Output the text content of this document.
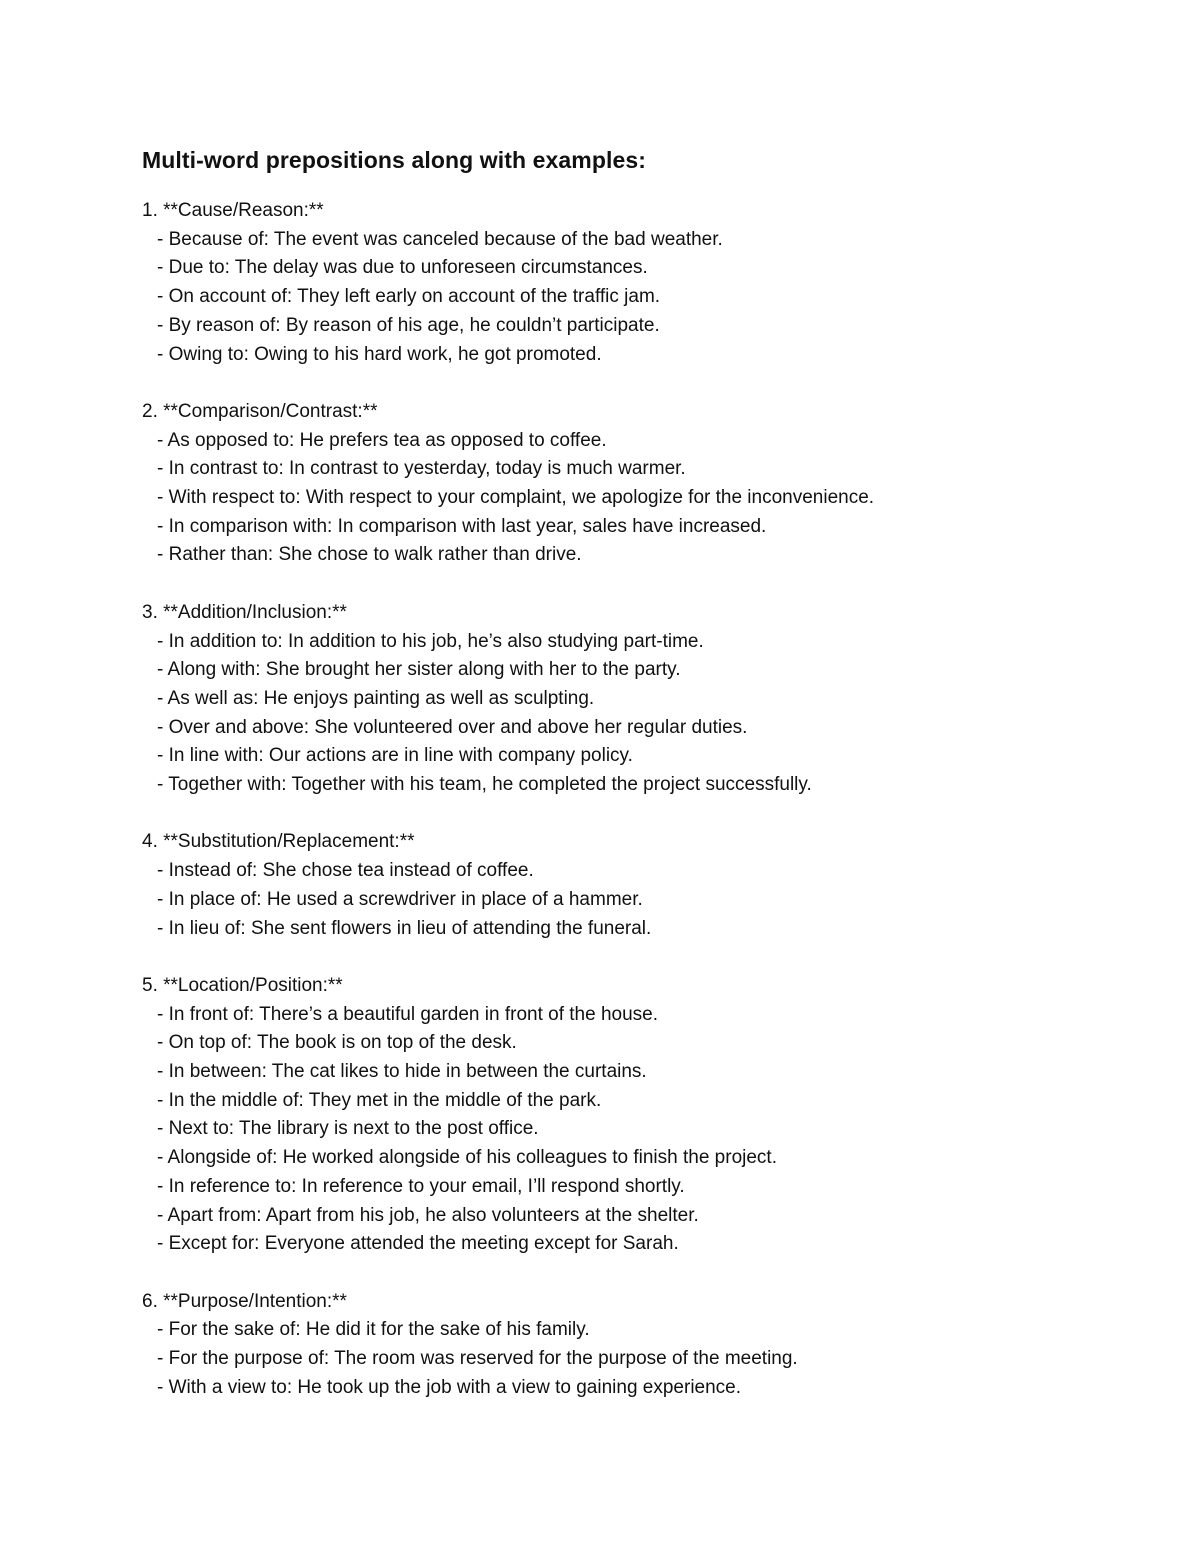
Multi-word prepositions along with examples:
1. **Cause/Reason:**
- Because of: The event was canceled because of the bad weather.
- Due to: The delay was due to unforeseen circumstances.
- On account of: They left early on account of the traffic jam.
- By reason of: By reason of his age, he couldn’t participate.
- Owing to: Owing to his hard work, he got promoted.
2. **Comparison/Contrast:**
- As opposed to: He prefers tea as opposed to coffee.
- In contrast to: In contrast to yesterday, today is much warmer.
- With respect to: With respect to your complaint, we apologize for the inconvenience.
- In comparison with: In comparison with last year, sales have increased.
- Rather than: She chose to walk rather than drive.
3. **Addition/Inclusion:**
- In addition to: In addition to his job, he’s also studying part-time.
- Along with: She brought her sister along with her to the party.
- As well as: He enjoys painting as well as sculpting.
- Over and above: She volunteered over and above her regular duties.
- In line with: Our actions are in line with company policy.
- Together with: Together with his team, he completed the project successfully.
4. **Substitution/Replacement:**
- Instead of: She chose tea instead of coffee.
- In place of: He used a screwdriver in place of a hammer.
- In lieu of: She sent flowers in lieu of attending the funeral.
5. **Location/Position:**
- In front of: There’s a beautiful garden in front of the house.
- On top of: The book is on top of the desk.
- In between: The cat likes to hide in between the curtains.
- In the middle of: They met in the middle of the park.
- Next to: The library is next to the post office.
- Alongside of: He worked alongside of his colleagues to finish the project.
- In reference to: In reference to your email, I’ll respond shortly.
- Apart from: Apart from his job, he also volunteers at the shelter.
- Except for: Everyone attended the meeting except for Sarah.
6. **Purpose/Intention:**
- For the sake of: He did it for the sake of his family.
- For the purpose of: The room was reserved for the purpose of the meeting.
- With a view to: He took up the job with a view to gaining experience.
